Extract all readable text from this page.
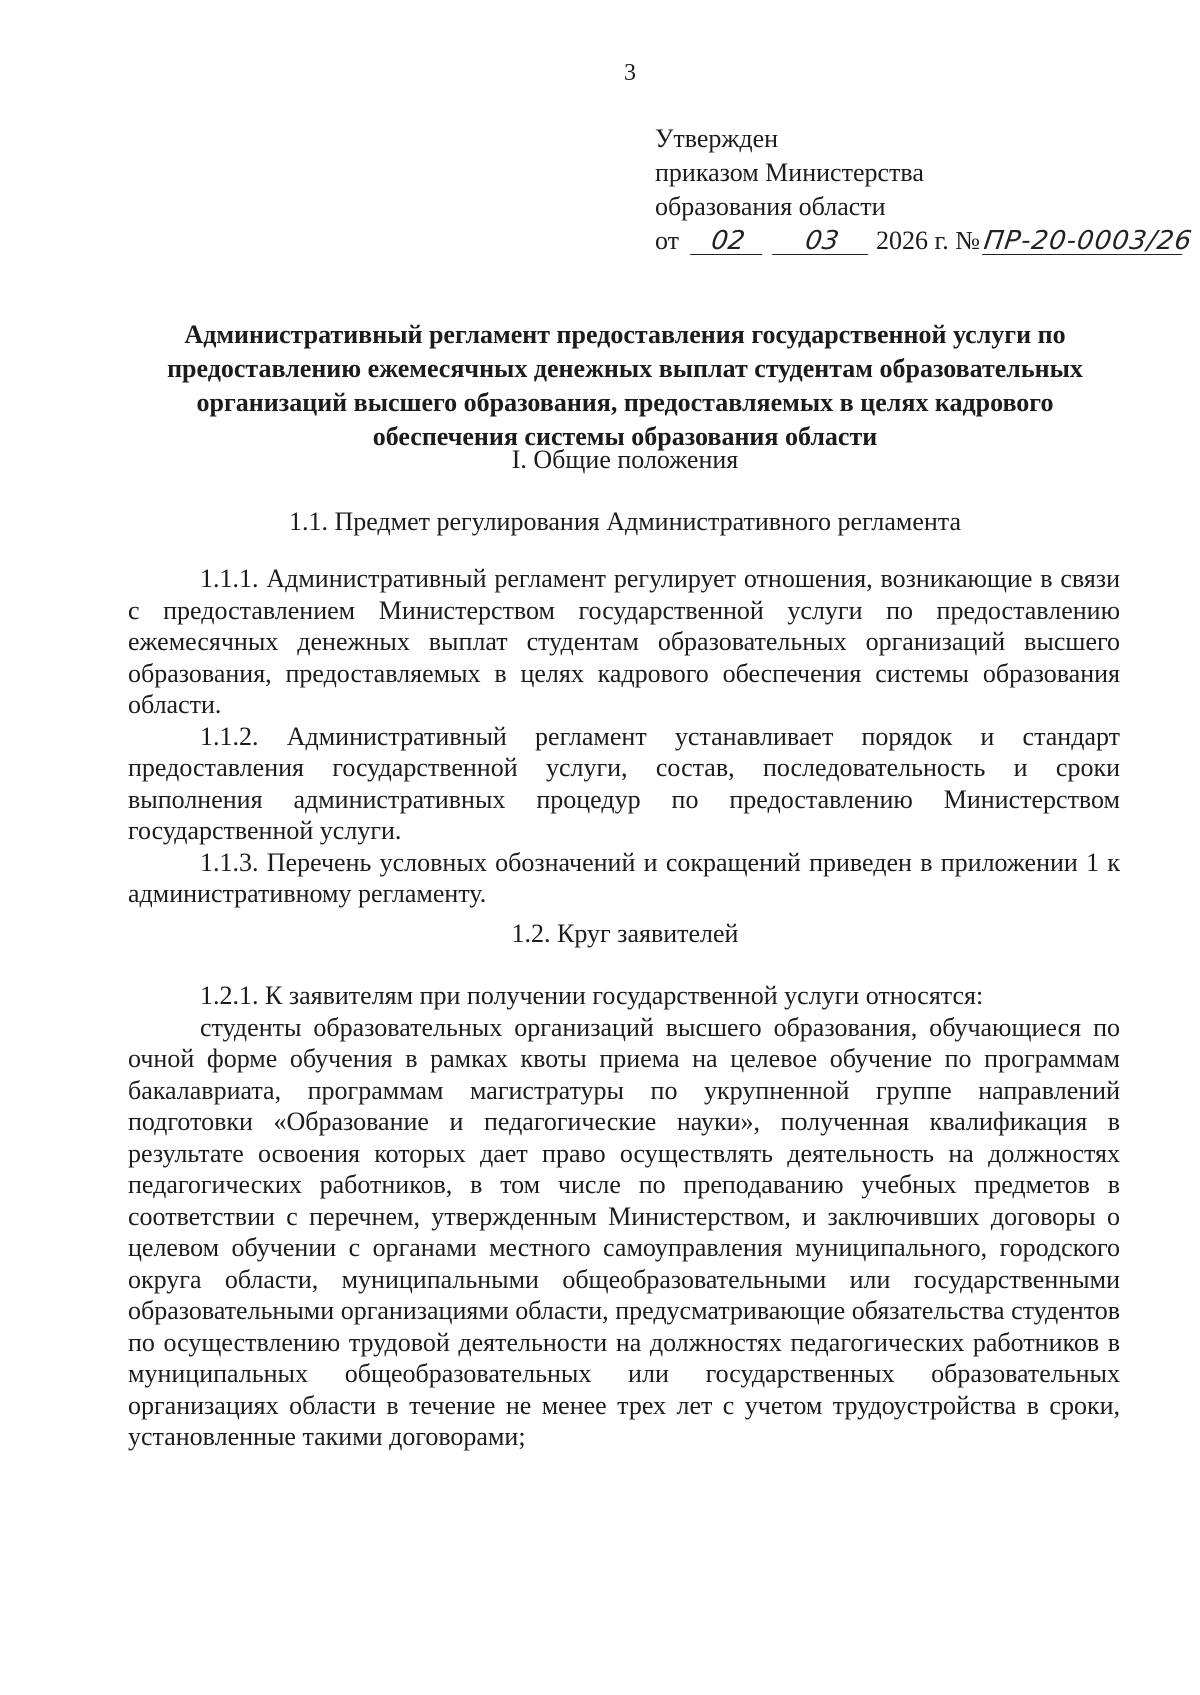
3
Утвержден
приказом Министерства
образования области
от 02 03 2026 г. №ПР-20-0003/26
Административный регламент предоставления государственной услуги по предоставлению ежемесячных денежных выплат студентам образовательных организаций высшего образования, предоставляемых в целях кадрового обеспечения системы образования области
I. Общие положения
1.1. Предмет регулирования Административного регламента

1.1.1. Административный регламент регулирует отношения, возникающие в связи с предоставлением Министерством государственной услуги по предоставлению ежемесячных денежных выплат студентам образовательных организаций высшего образования, предоставляемых в целях кадрового обеспечения системы образования области.

1.1.2. Административный регламент устанавливает порядок и стандарт предоставления государственной услуги, состав, последовательность и сроки выполнения административных процедур по предоставлению Министерством государственной услуги.

1.1.3. Перечень условных обозначений и сокращений приведен в приложении 1 к административному регламенту.

1.2. Круг заявителей

1.2.1. К заявителям при получении государственной услуги относятся:

студенты образовательных организаций высшего образования, обучающиеся по очной форме обучения в рамках квоты приема на целевое обучение по программам бакалавриата, программам магистратуры по укрупненной группе направлений подготовки «Образование и педагогические науки», полученная квалификация в результате освоения которых дает право осуществлять деятельность на должностях педагогических работников, в том числе по преподаванию учебных предметов в соответствии с перечнем, утвержденным Министерством, и заключивших договоры о целевом обучении с органами местного самоуправления муниципального, городского округа области, муниципальными общеобразовательными или государственными образовательными организациями области, предусматривающие обязательства студентов по осуществлению трудовой деятельности на должностях педагогических работников в муниципальных общеобразовательных или государственных образовательных организациях области в течение не менее трех лет с учетом трудоустройства в сроки, установленные такими договорами;
